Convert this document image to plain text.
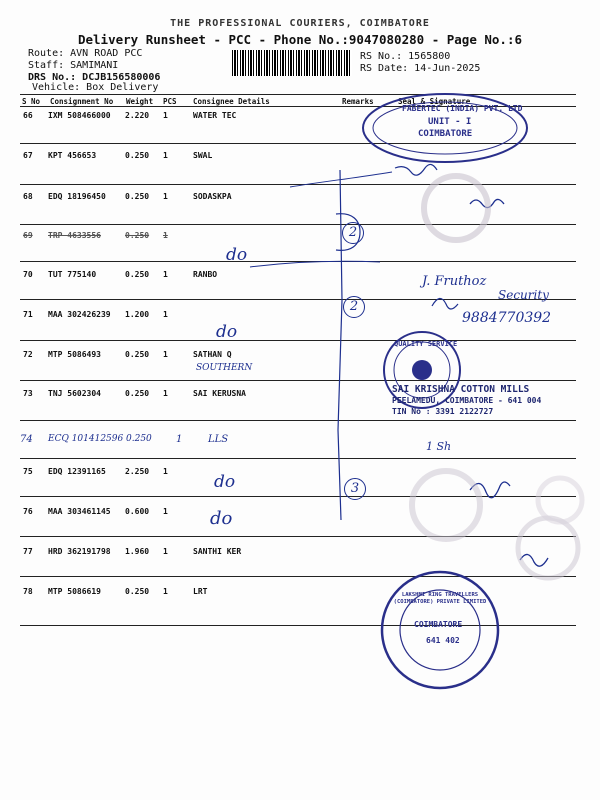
THE PROFESSIONAL COURIERS, COIMBATORE
Delivery Runsheet - PCC - Phone No.:9047080280 - Page No.:6
Route: AVN ROAD PCC
Staff: SAMIMANI
DRS No.: DCJB156580006
RS No.: 1565800
RS Date: 14-Jun-2025
Vehicle: Box Delivery
S No Consignment No Weight PCS Consignee Details	Remarks	Seal & Signature
66 IXM 508466000 2.220 1	WATER TEC
67 KPT 456653	0.250 1	SWAL
68 EDQ 18196450 0.250 1	SODASKPA
69 TRP 4633556	0.250 1
70 TUT 775140	0.250 1	RANBO
71 MAA 302426239 1.200 1
72 MTP 5086493	0.250 1	SATHAN Q
73 TNJ 5602304	0.250 1	SAI KERUSNA
74 ECQ 101412596 0.250 1	LLS
75 EDQ 12391165 2.250 1
76 MAA 303461145 0.600 1
77 HRD 362191798 1.960 1	SANTHI KER
78 MTP 5086619	0.250 1	LRT
do
do
SOUTHERN
do
do
2
2
3
J. Fruthoz
Security
9884770392
1 Sh
FABERTEC (INDIA) PVT. LTD
UNIT - I
COIMBATORE
QUALITY SERVICE
SAI KRISHNA COTTON MILLS
PEELAMEDU, COIMBATORE - 641 004
TIN No : 3391 2122727
LAKSHMI RING TRAVELLERS (COIMBATORE) PRIVATE LIMITED
COIMBATORE
641 402
